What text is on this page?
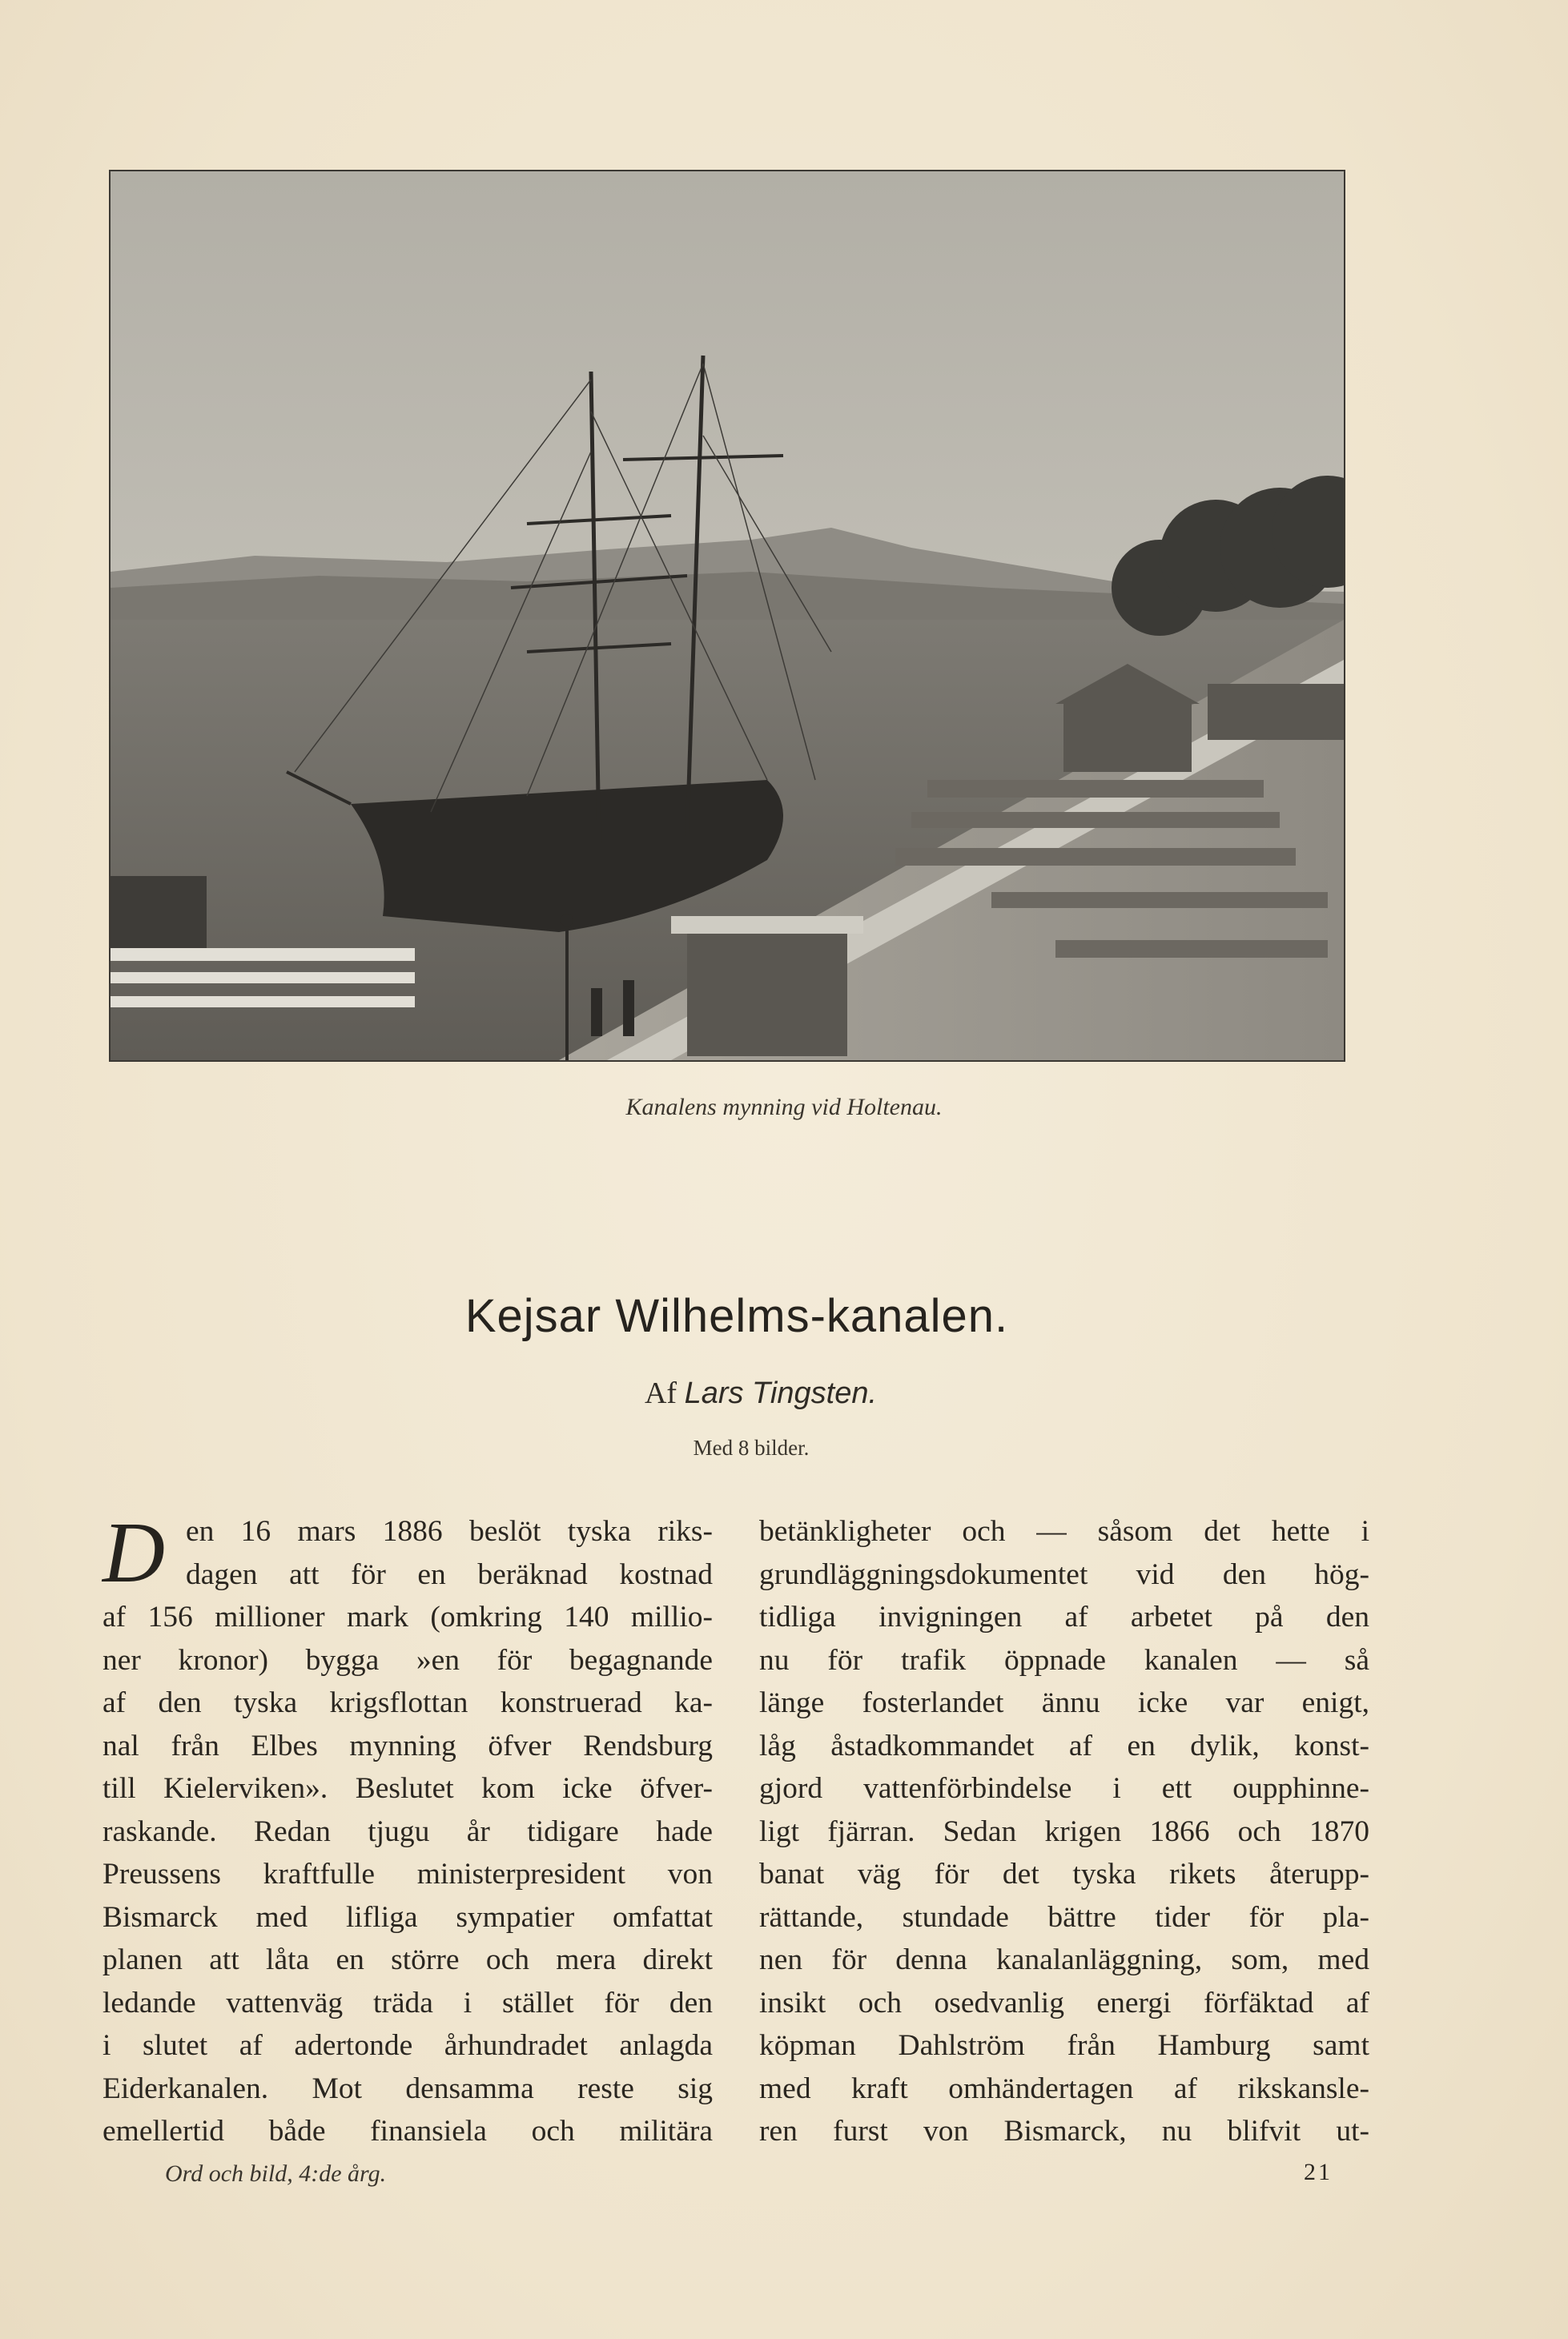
Kanalens mynning vid Holtenau.
Kejsar Wilhelms-kanalen.
Af Lars Tingsten.
Med 8 bilder.
D en 16 mars 1886 beslöt tyska riks-
dagen att för en beräknad kostnad
af 156 millioner mark (omkring 140 millio-
ner kronor) bygga »en för begagnande
af den tyska krigsflottan konstruerad ka-
nal från Elbes mynning öfver Rendsburg
till Kielerviken». Beslutet kom icke öfver-
raskande. Redan tjugu år tidigare hade
Preussens kraftfulle ministerpresident von
Bismarck med lifliga sympatier omfattat
planen att låta en större och mera direkt
ledande vattenväg träda i stället för den
i slutet af adertonde århundradet anlagda
Eiderkanalen. Mot densamma reste sig
emellertid både finansiela och militära
betänkligheter och — såsom det hette i
grundläggningsdokumentet vid den hög-
tidliga invigningen af arbetet på den
nu för trafik öppnade kanalen — så
länge fosterlandet ännu icke var enigt,
låg åstadkommandet af en dylik, konst-
gjord vattenförbindelse i ett oupphinne-
ligt fjärran. Sedan krigen 1866 och 1870
banat väg för det tyska rikets återupp-
rättande, stundade bättre tider för pla-
nen för denna kanalanläggning, som, med
insikt och osedvanlig energi förfäktad af
köpman Dahlström från Hamburg samt
med kraft omhändertagen af rikskansle-
ren furst von Bismarck, nu blifvit ut-
Ord och bild, 4:de årg.	21
